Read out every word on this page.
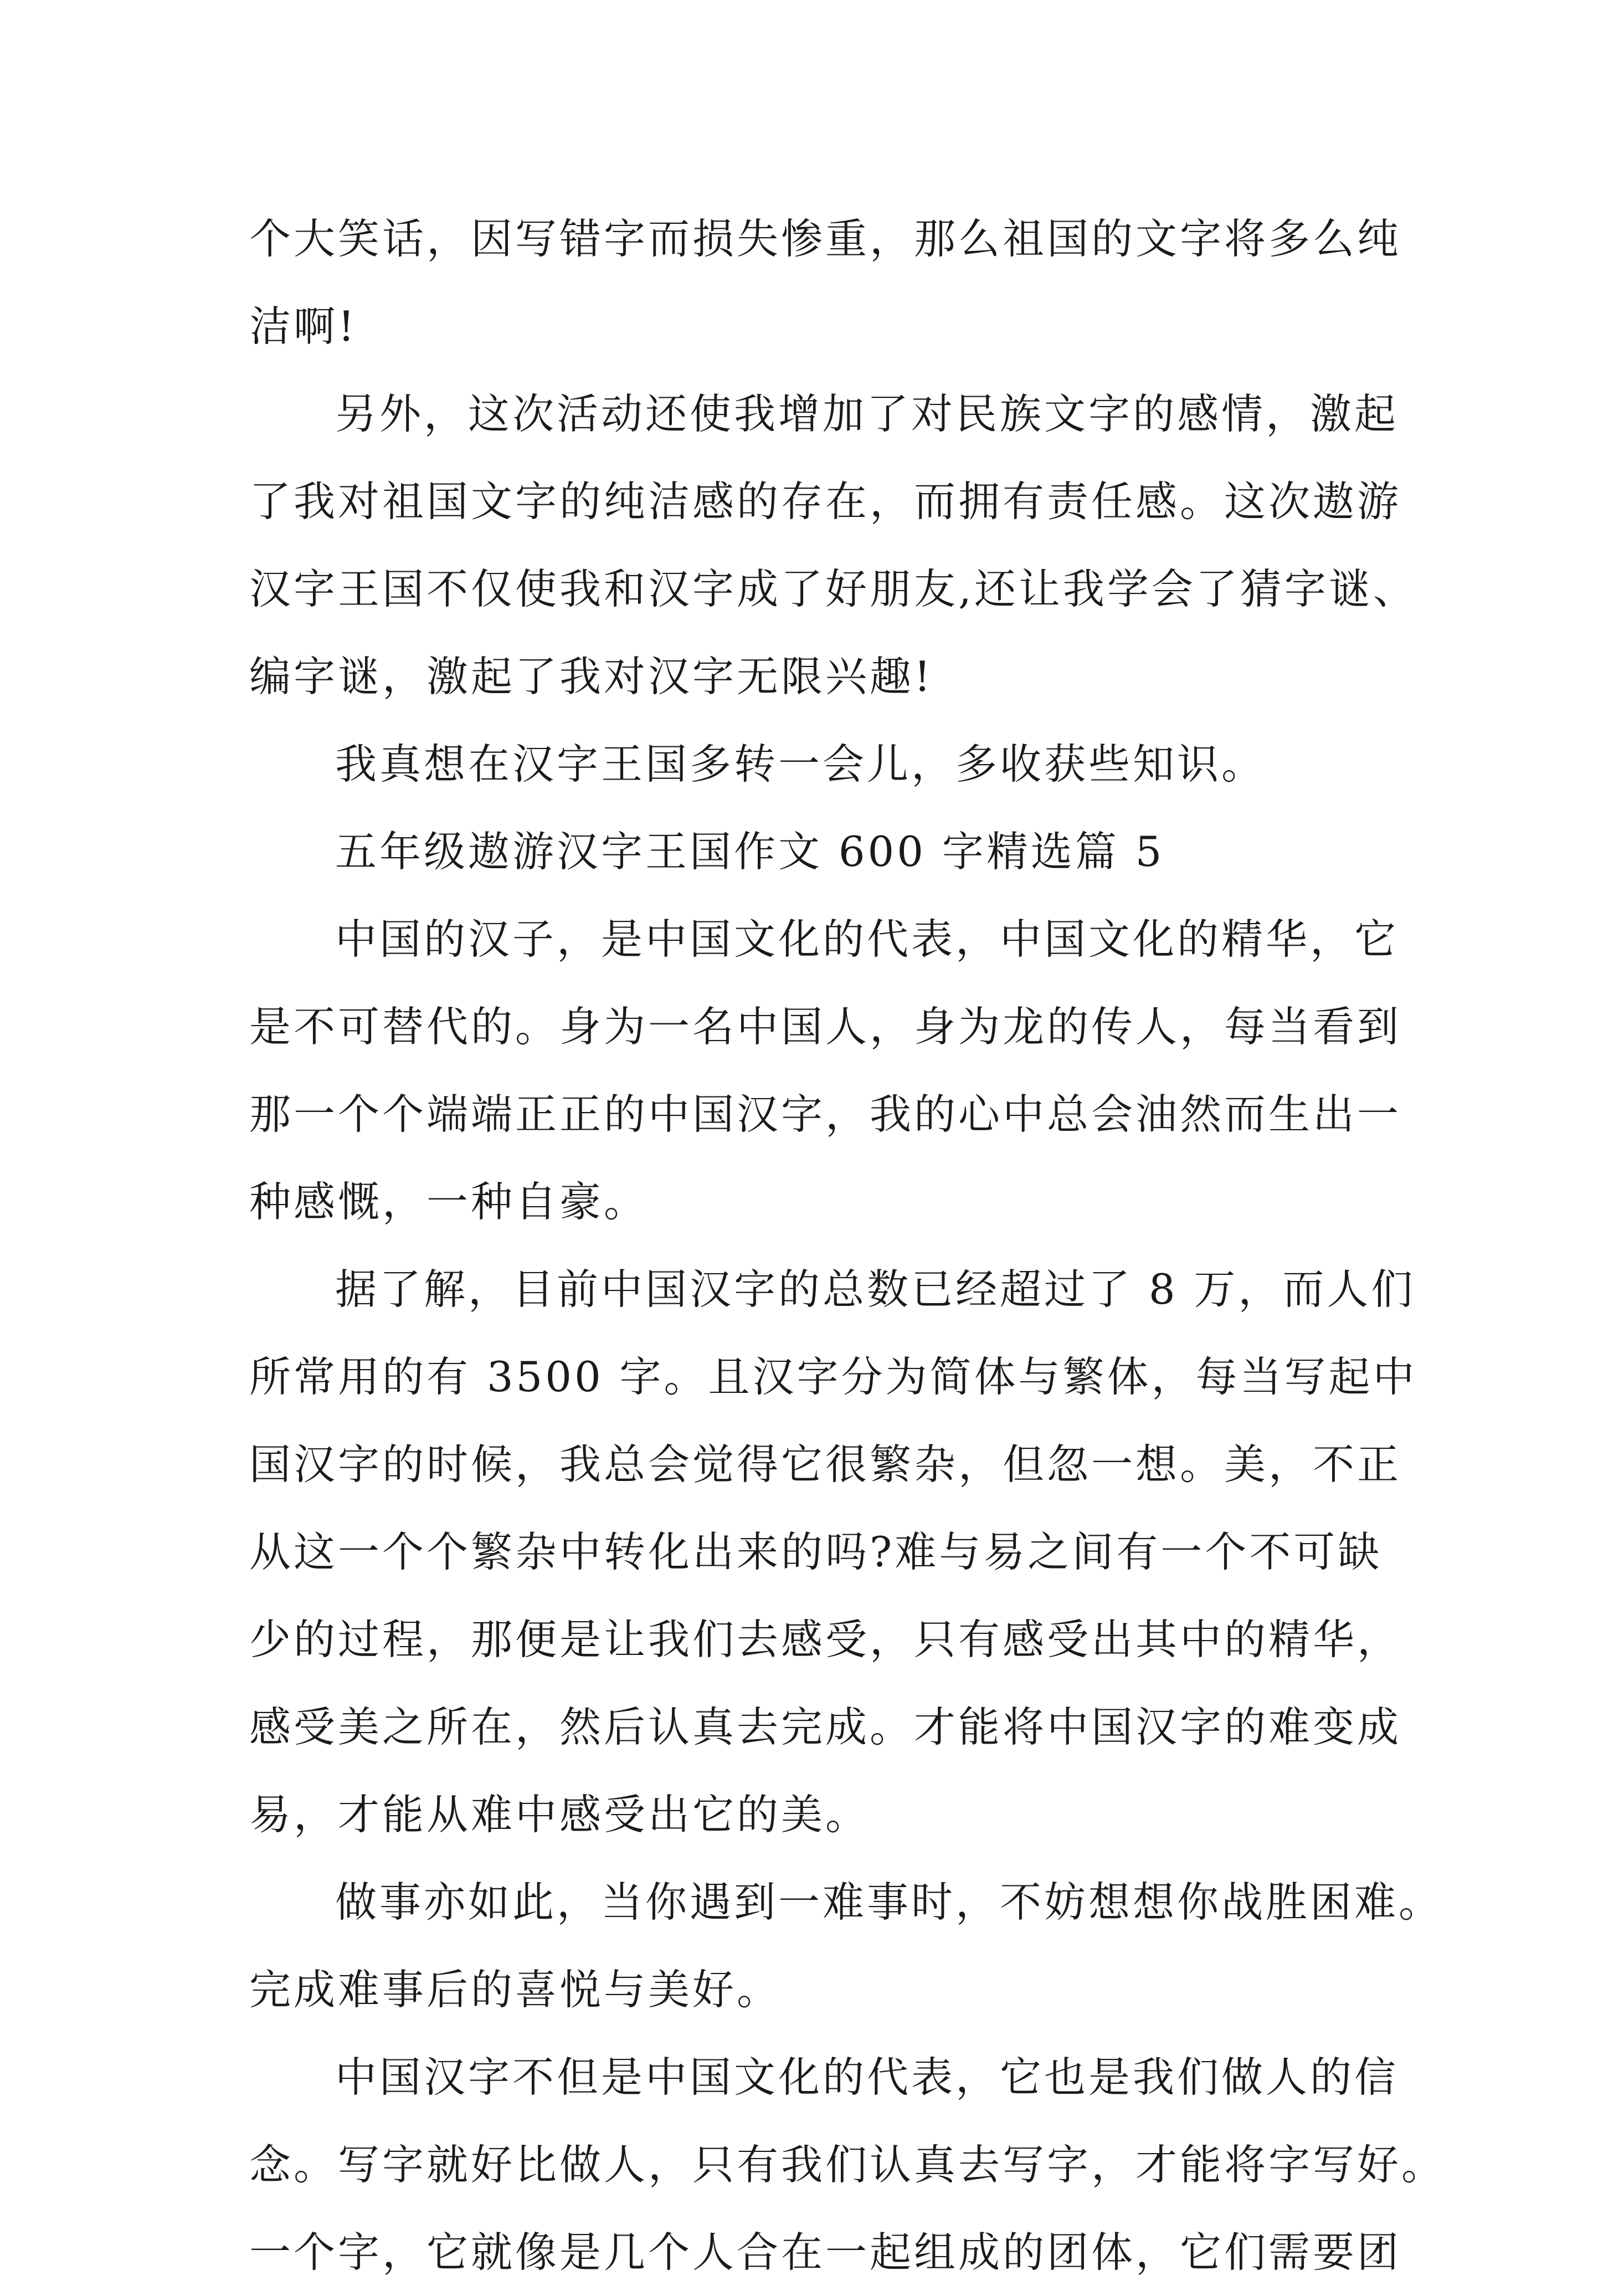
个大笑话，因写错字而损失惨重，那么祖国的文字将多么纯
洁啊!
另外，这次活动还使我增加了对民族文字的感情，激起
了我对祖国文字的纯洁感的存在，而拥有责任感。这次遨游
汉字王国不仅使我和汉字成了好朋友,还让我学会了猜字谜、
编字谜，激起了我对汉字无限兴趣!
我真想在汉字王国多转一会儿，多收获些知识。
五年级遨游汉字王国作文 600 字精选篇 5
中国的汉子，是中国文化的代表，中国文化的精华，它
是不可替代的。身为一名中国人，身为龙的传人，每当看到
那一个个端端正正的中国汉字，我的心中总会油然而生出一
种感慨，一种自豪。
据了解，目前中国汉字的总数已经超过了 8 万，而人们
所常用的有 3500 字。且汉字分为简体与繁体，每当写起中
国汉字的时候，我总会觉得它很繁杂，但忽一想。美，不正
从这一个个繁杂中转化出来的吗?难与易之间有一个不可缺
少的过程，那便是让我们去感受，只有感受出其中的精华，
感受美之所在，然后认真去完成。才能将中国汉字的难变成
易，才能从难中感受出它的美。
做事亦如此，当你遇到一难事时，不妨想想你战胜困难。
完成难事后的喜悦与美好。
中国汉字不但是中国文化的代表，它也是我们做人的信
念。写字就好比做人，只有我们认真去写字，才能将字写好。
一个字，它就像是几个人合在一起组成的团体，它们需要团
